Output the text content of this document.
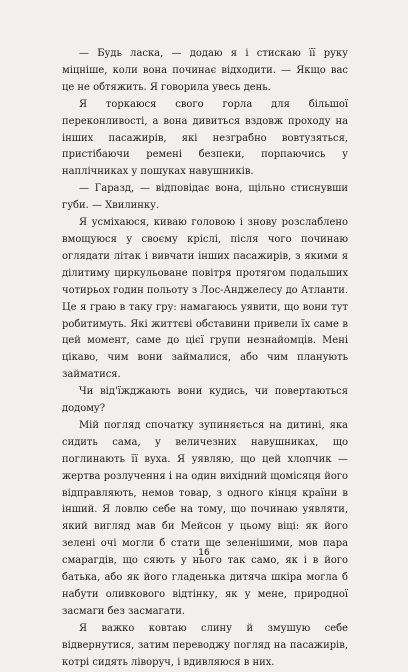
— Будь ласка, — додаю я і стискаю її руку міцніше, коли вона починає відходити. — Якщо вас це не обтяжить. Я говорила увесь день.

Я торкаюся свого горла для більшої переконливості, а вона дивиться вздовж проходу на інших пасажирів, які незграбно вовтузяться, пристібаючи ремені безпеки, порпаючись у наплічниках у пошуках навушників.

— Гаразд, — відповідає вона, щільно стиснувши губи. — Хвилинку.

Я усміхаюся, киваю головою і знову розслаблено вмощуюся у своєму кріслі, після чого починаю оглядати літак і вивчати інших пасажирів, з якими я ділитиму циркульоване повітря протягом подальших чотирьох годин польоту з Лос-Анджелесу до Атланти. Це я граю в таку гру: намагаюсь уявити, що вони тут робитимуть. Які життєві обставини привели їх саме в цей момент, саме до цієї групи незнайомців. Мені цікаво, чим вони займалися, або чим планують займатися.

Чи від'їжджають вони кудись, чи повертаються додому?

Мій погляд спочатку зупиняється на дитині, яка сидить сама, у величезних навушниках, що поглинають її вуха. Я уявляю, що цей хлопчик — жертва розлучення і на один вихідний щомісяця його відправляють, немов товар, з одного кінця країни в інший. Я ловлю себе на тому, що починаю уявляти, який вигляд мав би Мейсон у цьому віці: як його зелені очі могли б стати ще зеленішими, мов пара смарагдів, що сяють у нього так само, як і в його батька, або як його гладенька дитяча шкіра могла б набути оливкового відтінку, як у мене, природної засмаги без засмагати.

Я важко ковтаю слину й змушую себе відвернутися, затим переводжу погляд на пасажирів, котрі сидять ліворуч, і вдивляюся в них.

16
